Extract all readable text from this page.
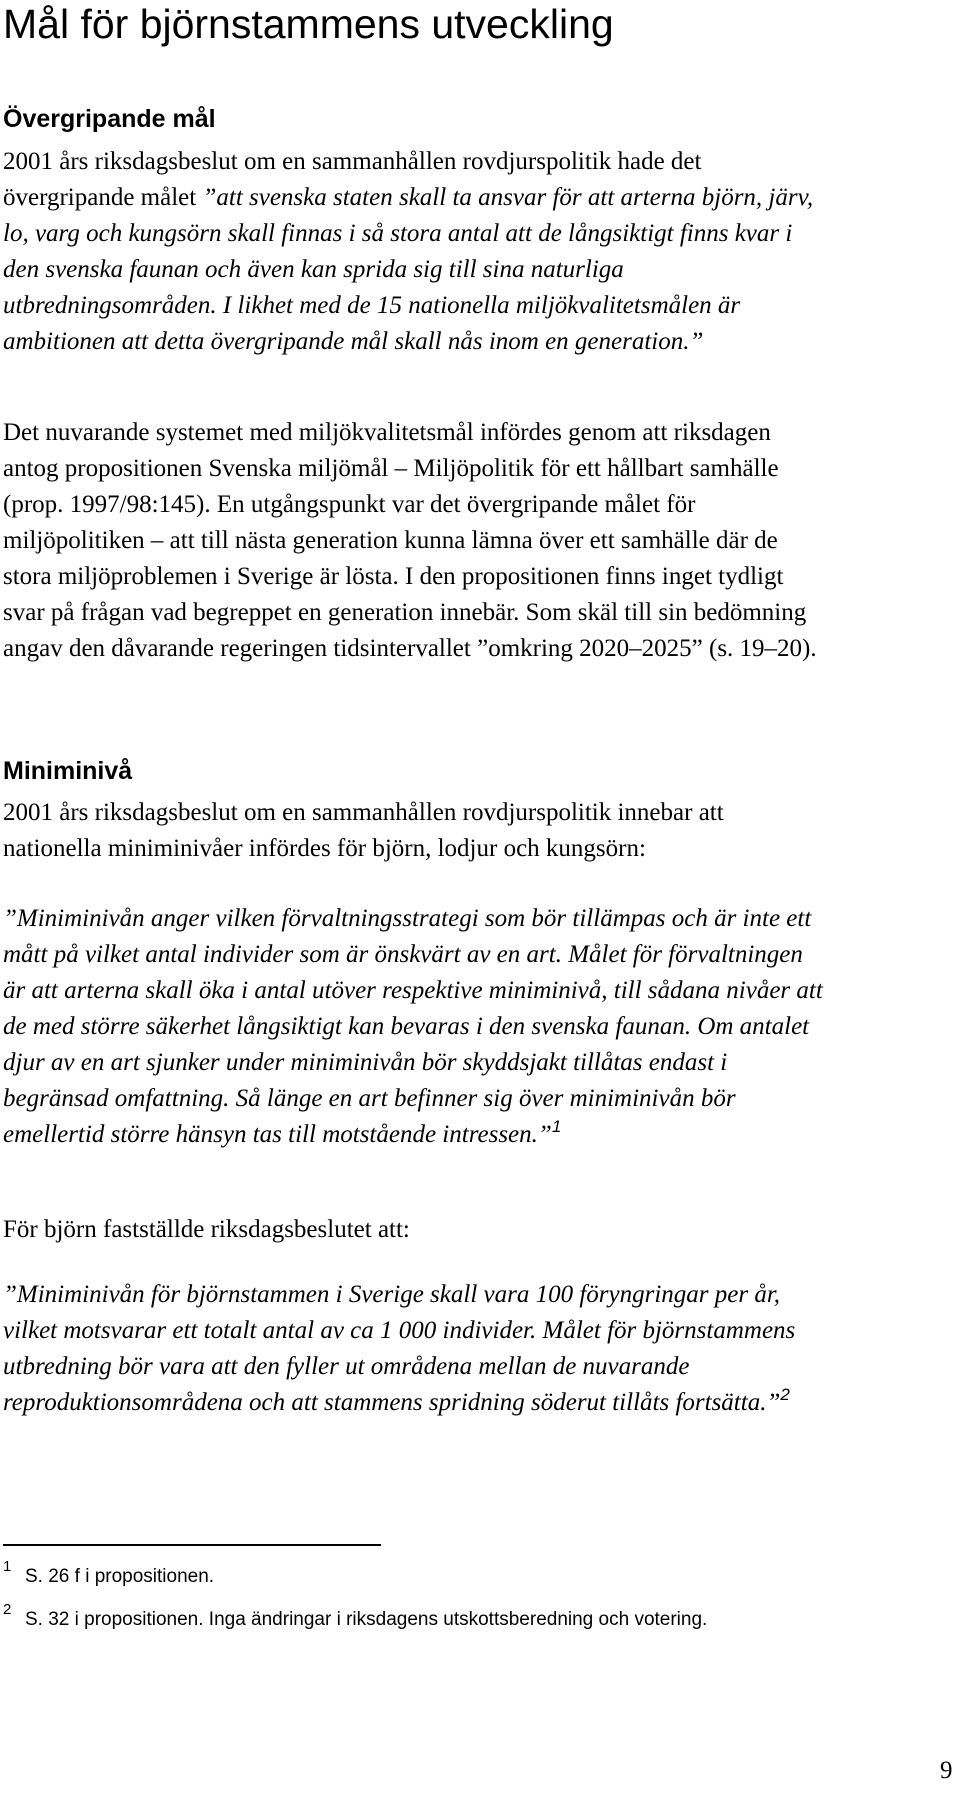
Mål för björnstammens utveckling
Övergripande mål
2001 års riksdagsbeslut om en sammanhållen rovdjurspolitik hade det
övergripande målet ”att svenska staten skall ta ansvar för att arterna björn, järv,
lo, varg och kungsörn skall finnas i så stora antal att de långsiktigt finns kvar i
den svenska faunan och även kan sprida sig till sina naturliga
utbredningsområden. I likhet med de 15 nationella miljökvalitetsmålen är
ambitionen att detta övergripande mål skall nås inom en generation.”
Det nuvarande systemet med miljökvalitetsmål infördes genom att riksdagen
antog propositionen Svenska miljömål – Miljöpolitik för ett hållbart samhälle
(prop. 1997/98:145). En utgångspunkt var det övergripande målet för
miljöpolitiken – att till nästa generation kunna lämna över ett samhälle där de
stora miljöproblemen i Sverige är lösta. I den propositionen finns inget tydligt
svar på frågan vad begreppet en generation innebär. Som skäl till sin bedömning
angav den dåvarande regeringen tidsintervallet ”omkring 2020–2025” (s. 19–20).
Miniminivå
2001 års riksdagsbeslut om en sammanhållen rovdjurspolitik innebar att
nationella miniminivåer infördes för björn, lodjur och kungsörn:
”Miniminivån anger vilken förvaltningsstrategi som bör tillämpas och är inte ett
mått på vilket antal individer som är önskvärt av en art. Målet för förvaltningen
är att arterna skall öka i antal utöver respektive miniminivå, till sådana nivåer att
de med större säkerhet långsiktigt kan bevaras i den svenska faunan. Om antalet
djur av en art sjunker under miniminivån bör skyddsjakt tillåtas endast i
begränsad omfattning. Så länge en art befinner sig över miniminivån bör
emellertid större hänsyn tas till motstående intressen.”$^1$
För björn fastställde riksdagsbeslutet att:
”Miniminivån för björnstammen i Sverige skall vara 100 föryngringar per år,
vilket motsvarar ett totalt antal av ca 1 000 individer. Målet för björnstammens
utbredning bör vara att den fyller ut områdena mellan de nuvarande
reproduktionsområdena och att stammens spridning söderut tillåts fortsätta.”$^2$
1 S. 26 f i propositionen.
2 S. 32 i propositionen. Inga ändringar i riksdagens utskottsberedning och votering.
9
